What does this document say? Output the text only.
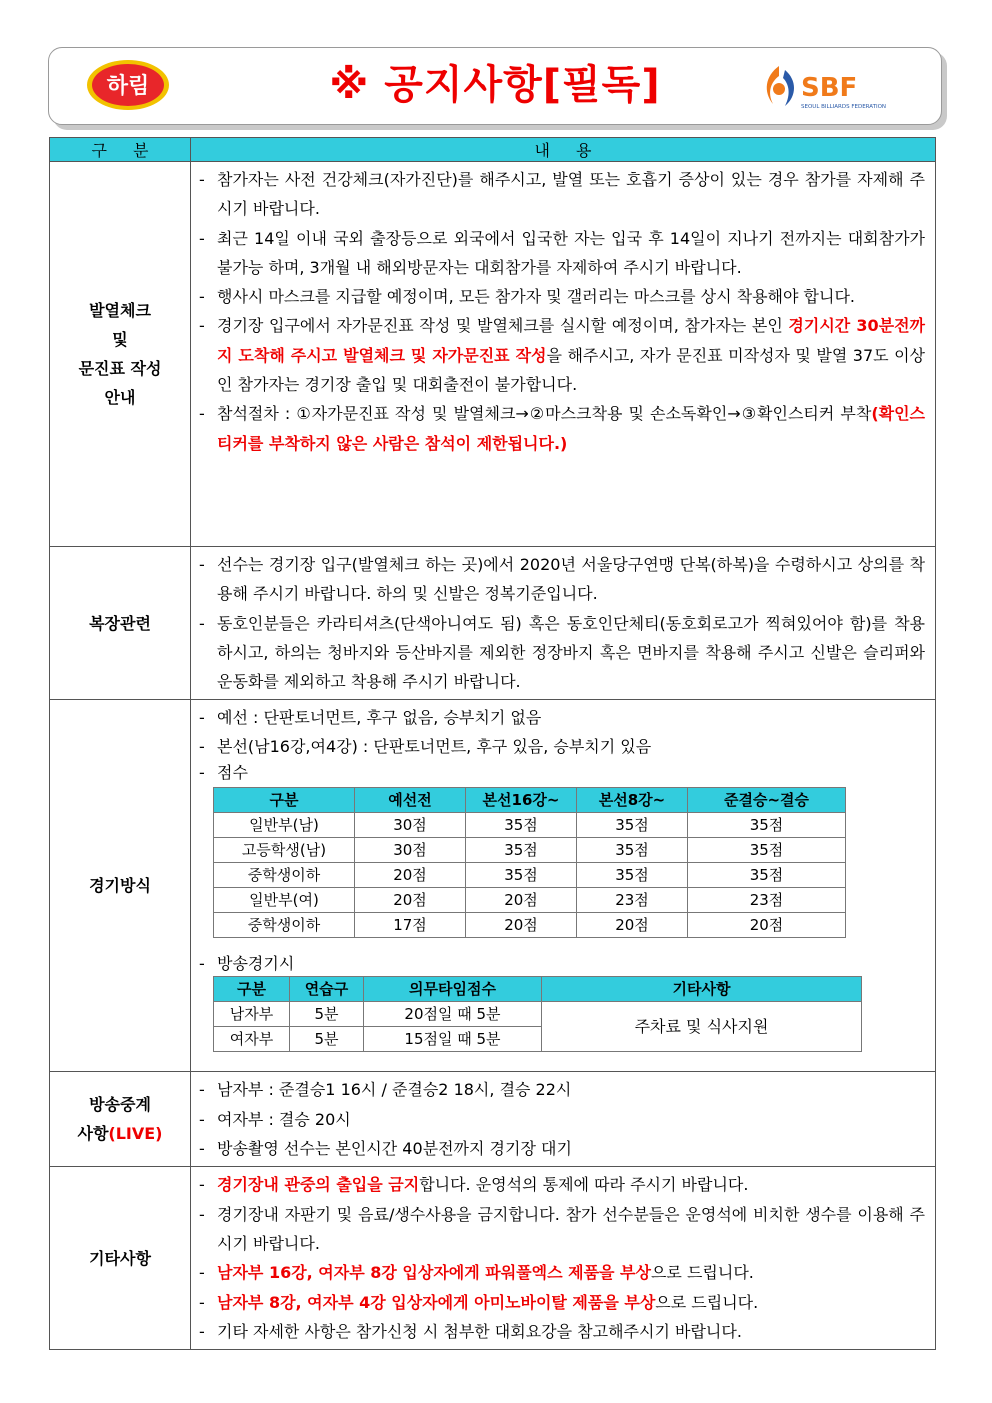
하림	※ 공지사항[필독]	SBF
SEOUL BILLIARDS FEDERATION
구분	내용

발열체크
및
문진표 작성
안내

- 참가자는 사전 건강체크(자가진단)를 해주시고, 발열 또는 호흡기 증상이 있는 경우 참가를 자제해 주시기 바랍니다.
- 최근 14일 이내 국외 출장등으로 외국에서 입국한 자는 입국 후 14일이 지나기 전까지는 대회참가가 불가능 하며, 3개월 내 해외방문자는 대회참가를 자제하여 주시기 바랍니다.
- 행사시 마스크를 지급할 예정이며, 모든 참가자 및 갤러리는 마스크를 상시 착용해야 합니다.
- 경기장 입구에서 자가문진표 작성 및 발열체크를 실시할 예정이며, 참가자는 본인 경기시간 30분전까지 도착해 주시고 발열체크 및 자가문진표 작성을 해주시고, 자가 문진표 미작성자 및 발열 37도 이상인 참가자는 경기장 출입 및 대회출전이 불가합니다.
- 참석절차 : ①자가문진표 작성 및 발열체크→②마스크착용 및 손소독확인→③확인스티커 부착(확인스티커를 부착하지 않은 사람은 참석이 제한됩니다.)

복장관련	
- 선수는 경기장 입구(발열체크 하는 곳)에서 2020년 서울당구연맹 단복(하복)을 수령하시고 상의를 착용해 주시기 바랍니다. 하의 및 신발은 정복기준입니다.
- 동호인분들은 카라티셔츠(단색아니여도 됨) 혹은 동호인단체티(동호회로고가 찍혀있어야 함)를 착용하시고, 하의는 청바지와 등산바지를 제외한 정장바지 혹은 면바지를 착용해 주시고 신발은 슬리퍼와 운동화를 제외하고 착용해 주시기 바랍니다.

경기방식	
- 예선 : 단판토너먼트, 후구 없음, 승부치기 없음
- 본선(남16강,여4강) : 단판토너먼트, 후구 있음, 승부치기 있음
- 점수
구분	예선전	본선16강~	본선8강~	준결승~결승
일반부(남)	30점	35점	35점	35점
고등학생(남)	30점	35점	35점	35점
중학생이하	20점	35점	35점	35점
일반부(여)	20점	20점	23점	23점
중학생이하	17점	20점	20점	20점
- 방송경기시
구분	연습구	의무타임점수	기타사항
남자부	5분	20점일 때 5분	주차료 및 식사지원
여자부	5분	15점일 때 5분

방송중계
사항(LIVE)

- 남자부 : 준결승1 16시 / 준결승2 18시, 결승 22시
- 여자부 : 결승 20시
- 방송촬영 선수는 본인시간 40분전까지 경기장 대기

기타사항	
- 경기장내 관중의 출입을 금지합니다. 운영석의 통제에 따라 주시기 바랍니다.
- 경기장내 자판기 및 음료/생수사용을 금지합니다. 참가 선수분들은 운영석에 비치한 생수를 이용해 주시기 바랍니다.
- 남자부 16강, 여자부 8강 입상자에게 파워풀엑스 제품을 부상으로 드립니다.
- 남자부 8강, 여자부 4강 입상자에게 아미노바이탈 제품을 부상으로 드립니다.
- 기타 자세한 사항은 참가신청 시 첨부한 대회요강을 참고해주시기 바랍니다.
